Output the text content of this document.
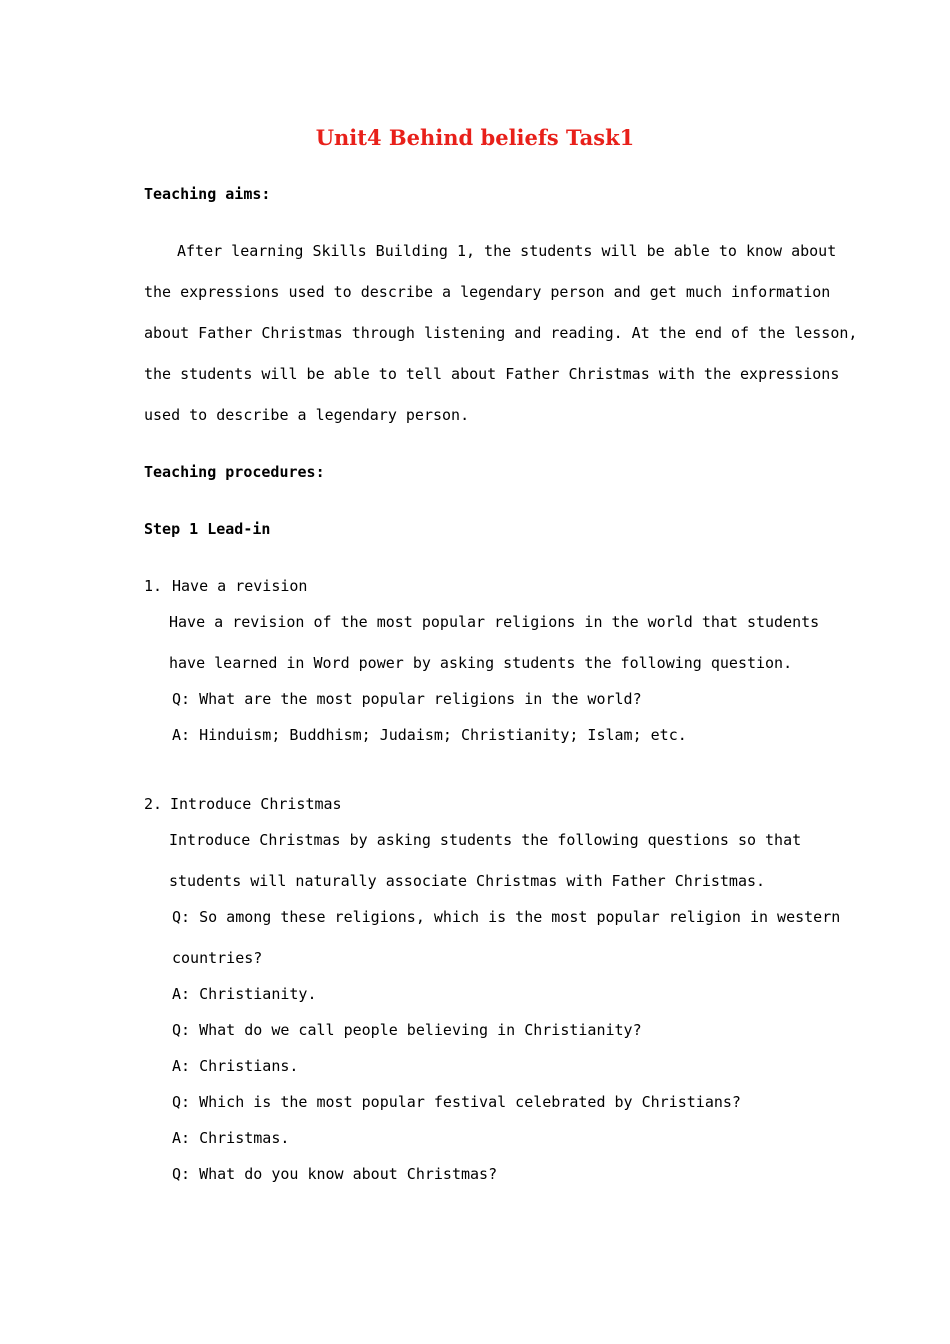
Unit4 Behind beliefs Task1
Teaching aims:
After learning Skills Building 1, the students will be able to know about
the expressions used to describe a legendary person and get much information
about Father Christmas through listening and reading. At the end of the lesson,
the students will be able to tell about Father Christmas with the expressions
used to describe a legendary person.
Teaching procedures:
Step 1 Lead-in
1. Have a revision
Have a revision of the most popular religions in the world that students
have learned in Word power by asking students the following question.
Q: What are the most popular religions in the world?
A: Hinduism; Buddhism; Judaism; Christianity; Islam; etc.
2. Introduce Christmas
Introduce Christmas by asking students the following questions so that
students will naturally associate Christmas with Father Christmas.
Q: So among these religions, which is the most popular religion in western
countries?
A: Christianity.
Q: What do we call people believing in Christianity?
A: Christians.
Q: Which is the most popular festival celebrated by Christians?
A: Christmas.
Q: What do you know about Christmas?
